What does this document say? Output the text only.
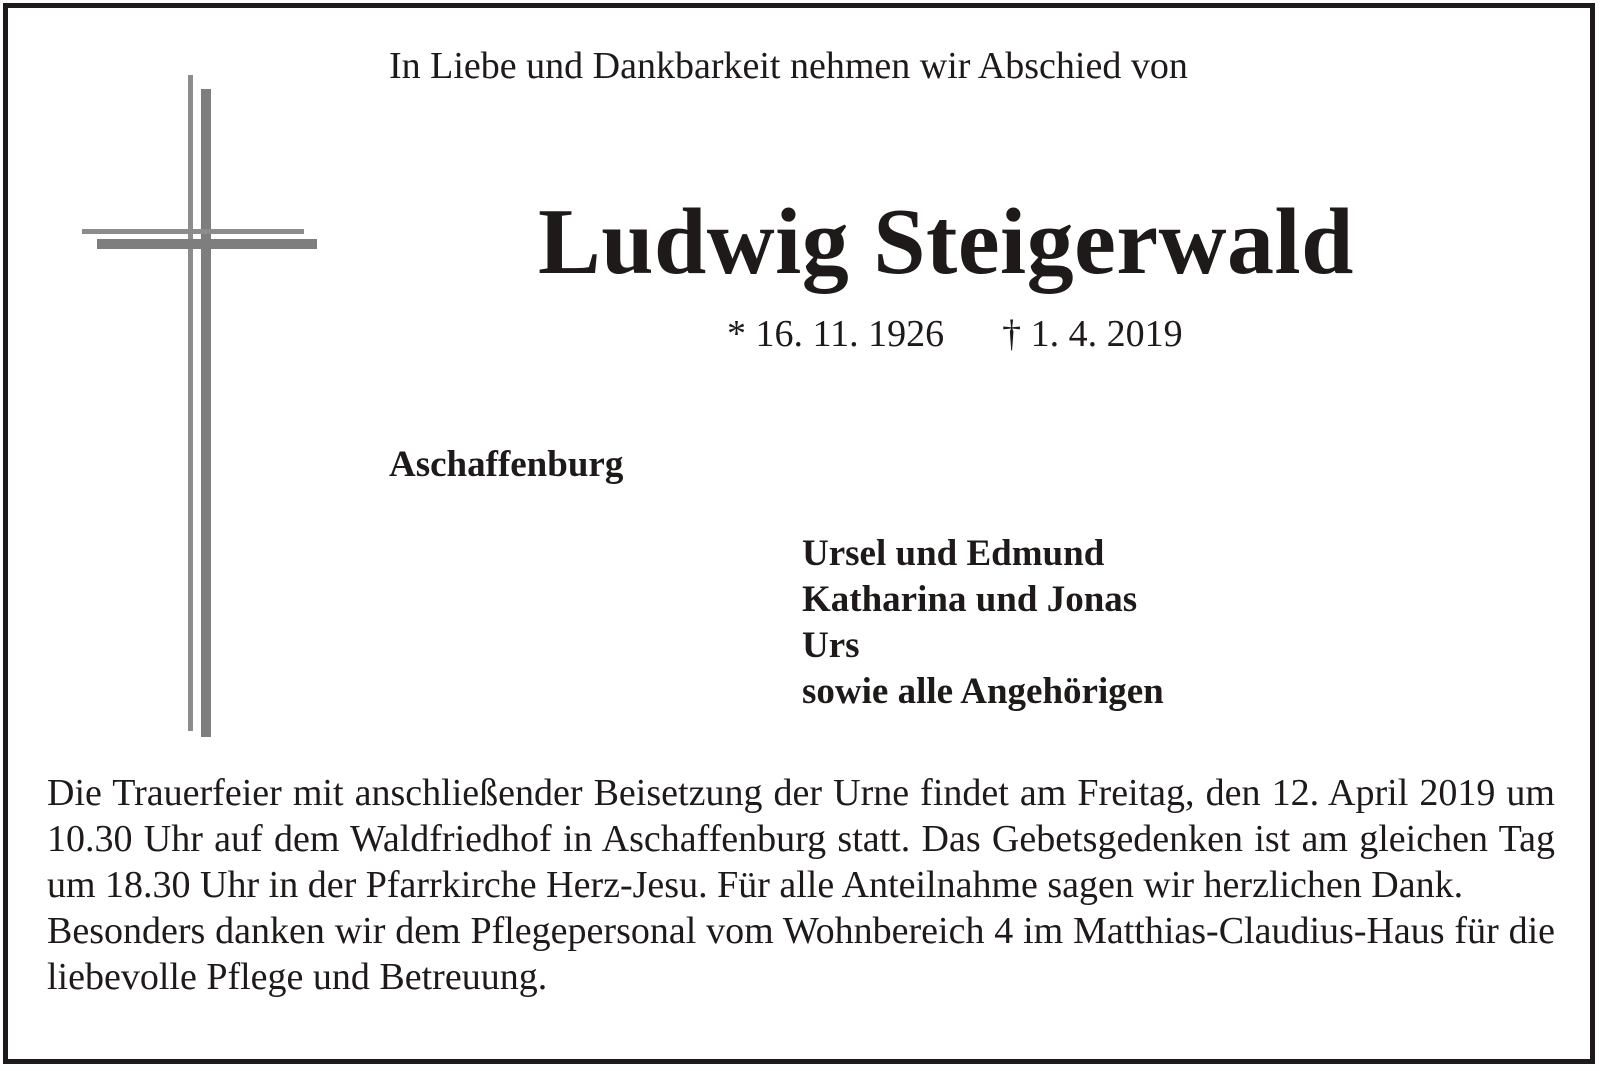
In Liebe und Dankbarkeit nehmen wir Abschied von
Ludwig Steigerwald
* 16. 11. 1926 † 1. 4. 2019
Aschaffenburg
Ursel und Edmund
Katharina und Jonas
Urs
sowie alle Angehörigen

Die Trauerfeier mit anschließender Beisetzung der Urne findet am Freitag, den 12. April 2019 um 10.30 Uhr auf dem Waldfriedhof in Aschaffenburg statt. Das Gebetsgedenken ist am gleichen Tag um 18.30 Uhr in der Pfarrkirche Herz-Jesu. Für alle Anteilnahme sagen wir herzlichen Dank.

Besonders danken wir dem Pflegepersonal vom Wohnbereich 4 im Matthias-Claudius-Haus für die liebevolle Pflege und Betreuung.
